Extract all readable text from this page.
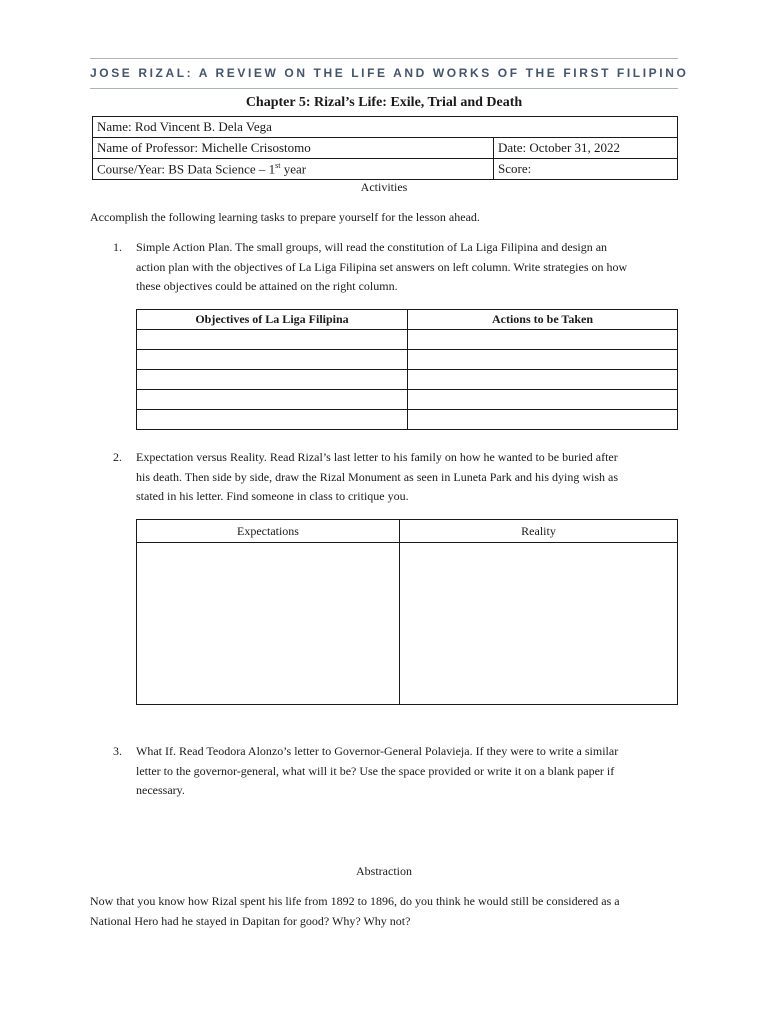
JOSE RIZAL: A REVIEW ON THE LIFE AND WORKS OF THE FIRST FILIPINO
Chapter 5: Rizal’s Life: Exile, Trial and Death
Name: Rod Vincent B. Dela Vega	
Name of Professor: Michelle Crisostomo	Date: October 31, 2022
Course/Year: BS Data Science – 1st year	Score:
Activities
Accomplish the following learning tasks to prepare yourself for the lesson ahead.
1. Simple Action Plan. The small groups, will read the constitution of La Liga Filipina and design an
action plan with the objectives of La Liga Filipina set answers on left column. Write strategies on how
these objectives could be attained on the right column.
Objectives of La Liga Filipina	Actions to be Taken

2. Expectation versus Reality. Read Rizal’s last letter to his family on how he wanted to be buried after
his death. Then side by side, draw the Rizal Monument as seen in Luneta Park and his dying wish as
stated in his letter. Find someone in class to critique you.
Expectations	Reality

3. What If. Read Teodora Alonzo’s letter to Governor-General Polavieja. If they were to write a similar
letter to the governor-general, what will it be? Use the space provided or write it on a blank paper if
necessary.
Abstraction
Now that you know how Rizal spent his life from 1892 to 1896, do you think he would still be considered as a
National Hero had he stayed in Dapitan for good? Why? Why not?
